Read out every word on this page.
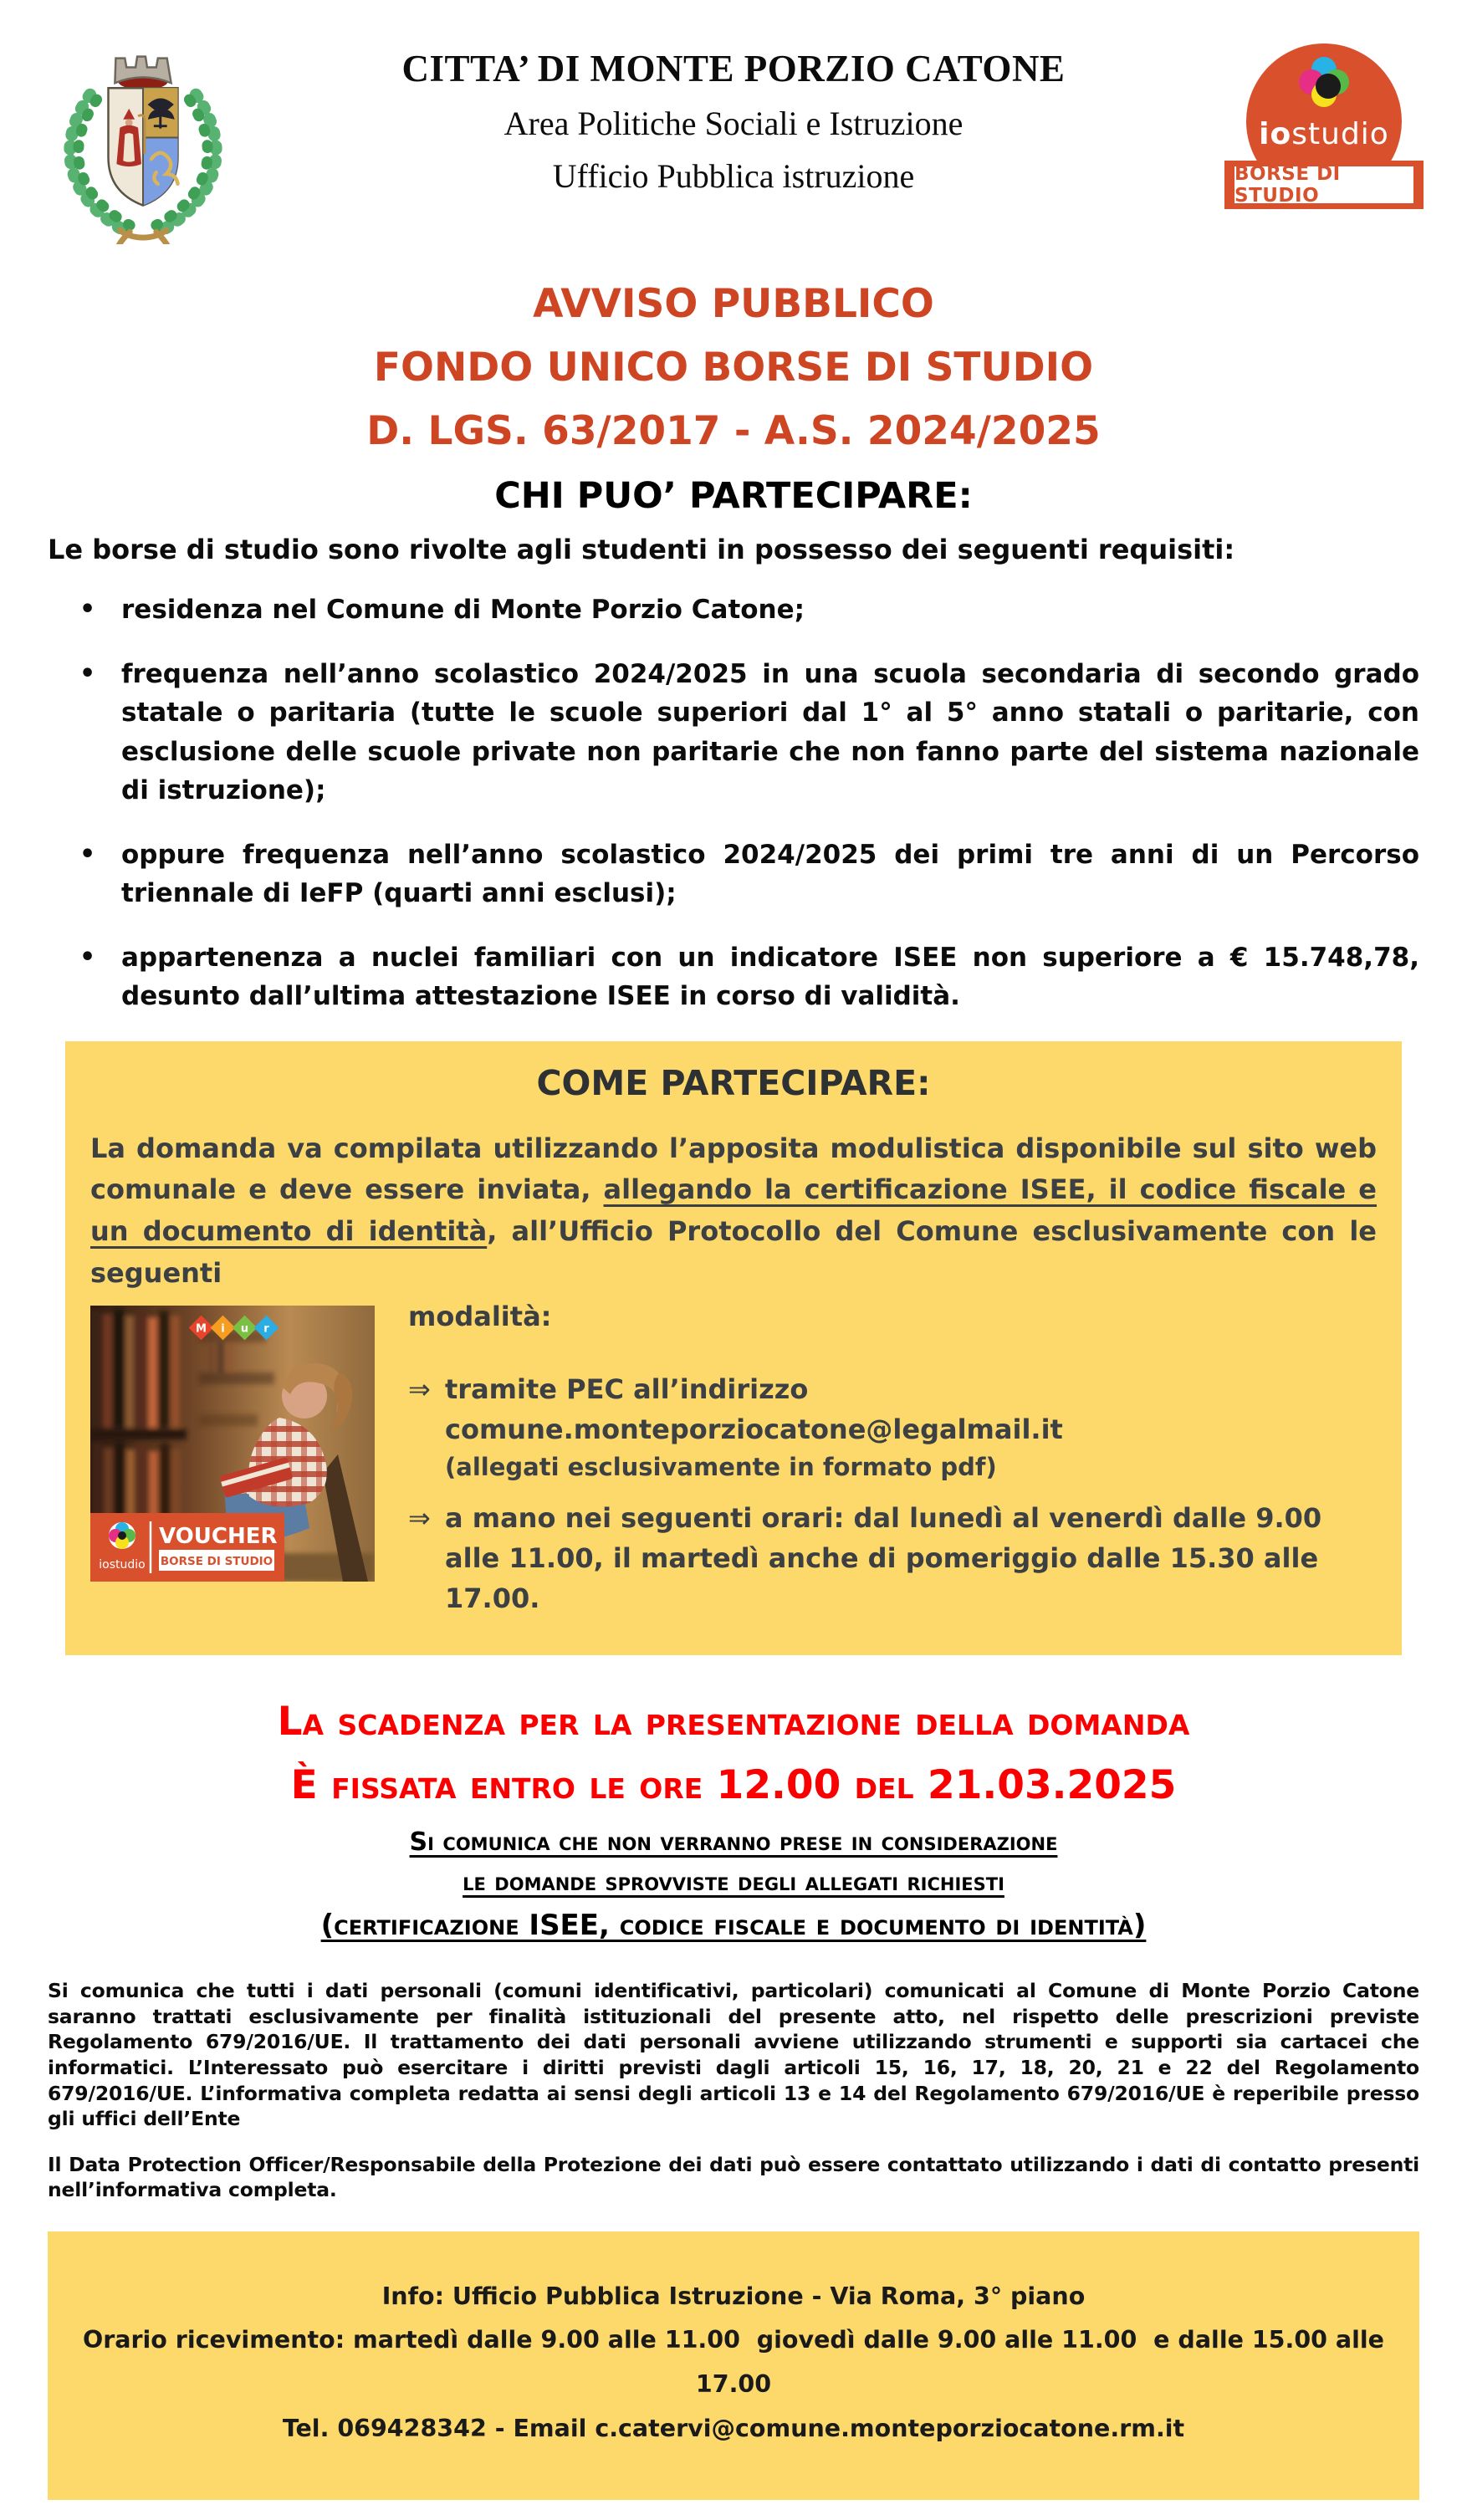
CITTA’ DI MONTE PORZIO CATONE
Area Politiche Sociali e Istruzione
Ufficio Pubblica istruzione
iostudio
BORSE DI STUDIO
AVVISO PUBBLICO
FONDO UNICO BORSE DI STUDIO
D. LGS. 63/2017 - A.S. 2024/2025
CHI PUO’ PARTECIPARE:

Le borse di studio sono rivolte agli studenti in possesso dei seguenti requisiti:

• residenza nel Comune di Monte Porzio Catone;
• frequenza nell’anno scolastico 2024/2025 in una scuola secondaria di secondo grado statale o paritaria (tutte le scuole superiori dal 1° al 5° anno statali o paritarie, con esclusione delle scuole private non paritarie che non fanno parte del sistema nazionale di istruzione);
• oppure frequenza nell’anno scolastico 2024/2025 dei primi tre anni di un Percorso triennale di IeFP (quarti anni esclusi);
• appartenenza a nuclei familiari con un indicatore ISEE non superiore a € 15.748,78, desunto dall’ultima attestazione ISEE in corso di validità.
COME PARTECIPARE:

La domanda va compilata utilizzando l’apposita modulistica disponibile sul sito web comunale e deve essere inviata, allegando la certificazione ISEE, il codice fiscale e un documento di identità, all’Ufficio Protocollo del Comune esclusivamente con le seguenti

M i u r
iostudio
VOUCHER
BORSE DI STUDIO

modalità:

⇒ tramite PEC all’indirizzo comune.monteporziocatone@legalmail.it
(allegati esclusivamente in formato pdf)
⇒ a mano nei seguenti orari: dal lunedì al venerdì dalle 9.00 alle 11.00, il martedì anche di pomeriggio dalle 15.30 alle 17.00.
La scadenza per la presentazione della domanda
È fissata entro le ore 12.00 del 21.03.2025
Si comunica che non verranno prese in considerazione
le domande sprovviste degli allegati richiesti
(certificazione ISEE, codice fiscale e documento di identità)

Si comunica che tutti i dati personali (comuni identificativi, particolari) comunicati al Comune di Monte Porzio Catone saranno trattati esclusivamente per finalità istituzionali del presente atto, nel rispetto delle prescrizioni previste Regolamento 679/2016/UE. Il trattamento dei dati personali avviene utilizzando strumenti e supporti sia cartacei che informatici. L’Interessato può esercitare i diritti previsti dagli articoli 15, 16, 17, 18, 20, 21 e 22 del Regolamento 679/2016/UE. L’informativa completa redatta ai sensi degli articoli 13 e 14 del Regolamento 679/2016/UE è reperibile presso gli uffici dell’Ente

Il Data Protection Officer/Responsabile della Protezione dei dati può essere contattato utilizzando i dati di contatto presenti nell’informativa completa.

Info: Ufficio Pubblica Istruzione - Via Roma, 3° piano
Orario ricevimento: martedì dalle 9.00 alle 11.00  giovedì dalle 9.00 alle 11.00  e dalle 15.00 alle 17.00
Tel. 069428342 - Email c.catervi@comune.monteporziocatone.rm.it
